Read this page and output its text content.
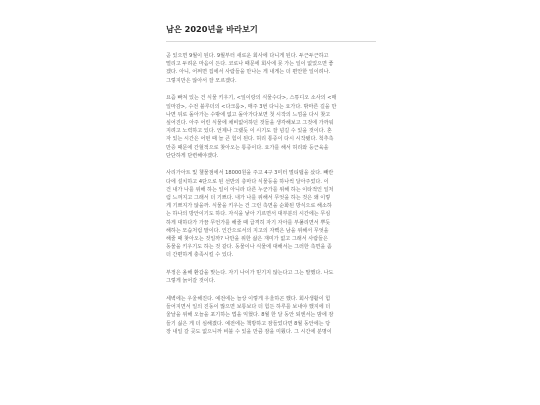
남은 2020년을 바라보기
곧 있으면 9월이 된다. 9월부터 새로운 회사에 다니게 된다. 두근두근하고
떨리고 두려운 마음이 든다. 코로나 때문에 회사에 못 가는 일이 없었으면 좋
겠다. 아니, 어쩌면 집에서 사람들을 만나는 게 내게는 더 편안한 일이려나.
그렇지만은 않아서 잘 모르겠다.
요즘 빠져 있는 건 식물 키우기, <잎이랑의 식물수다>, 스튜디오 소사의 <매
일마감>, 수전 블루더의 <다크룸>, 매주 3번 다니는 요가다. 밖마른 길을 만
나면 뒤로 돌아가는 수밖에 없고 돌아가다보면 첫 시작의 느낌을 다시 찾고
싶어진다. 아주 어린 식물에 채비없어하던 것들을 생각해보고 그것에 가까워
지려고 노력하고 있다. 언제나 그랬듯 이 시기도 잘 넘길 수 있을 것이다. 혼
자 있는 시간은 어떤 때 늘 큰 힘이 된다. 허리 통증이 다시 시작됐다. 척추측
만증 때문에 간헐적으로 찾아오는 통증이다. 요가를 해서 허리와 등근육을
단단하게 단련해야겠다.
사리가아트 및 첼물점에서 18000원을 주고 4구 3미터 멀티탭을 샀다. 빼란
다에 설치하고 4단으로 된 선반의 층마다 식물등을 하나씩 달아주었다. 이
건 내가 나를 위해 하는 일이 아니라 다른 누군가를 위해 하는 이타적인 일처
럼 느껴지고 그래서 더 기쁘다. 내가 나를 위해서 무엇을 하는 것은 왜 이렇
게 기쁘지가 않을까. 식물을 키우는 건 그런 측면을 순화된 방식으로 해소하
는 하나의 방안이기도 하다. 자식을 낳아 기르면서 대부분의 시간에는 무심
하게 대하다가 가끔 무언가를 해줄 때 급격히 자기 자아를 부풀리면서 뿌듯
해하는 모습처럼 말이다. 인간으로서의 지고의 자뻑은 남을 위해서 무엇을
해줄 때 찾아오는 것일까? 나만을 위한 삶은 재미가 없고 그래서 사람들은
동물을 키우기도 하는 것 같다. 동물이나 식물에 대해서는 그러한 측면을 좀
더 간편하게 충족시킬 수 있다.
부정은 올해 환갑을 맞는다. 자기 나이가 믿기지 않는다고 그는 말했다. 나도
그렇게 늙어갈 것이다.
세벽에는 우울해진다. 예전에는 늘상 이렇게 우울하곤 했다. 회사생활이 힘
들어지면서 일의 진동이 많으면 보통보다 더 힘든 하루를 보내야 했지에 더
울날을 위해 오늘을 포기하는 법을 익혔다. 8월 한 달 동안 퇴엔서는 밤에 잠
들기 싫은 게 더 심해졌다. 예전에는 책방하고 잠들었다면 8월 동안에는 당
장 내일 갈 곳도 없으니까 비블 수 있을 만큼 잠을 미뤘다. 그 시간에 분명이
